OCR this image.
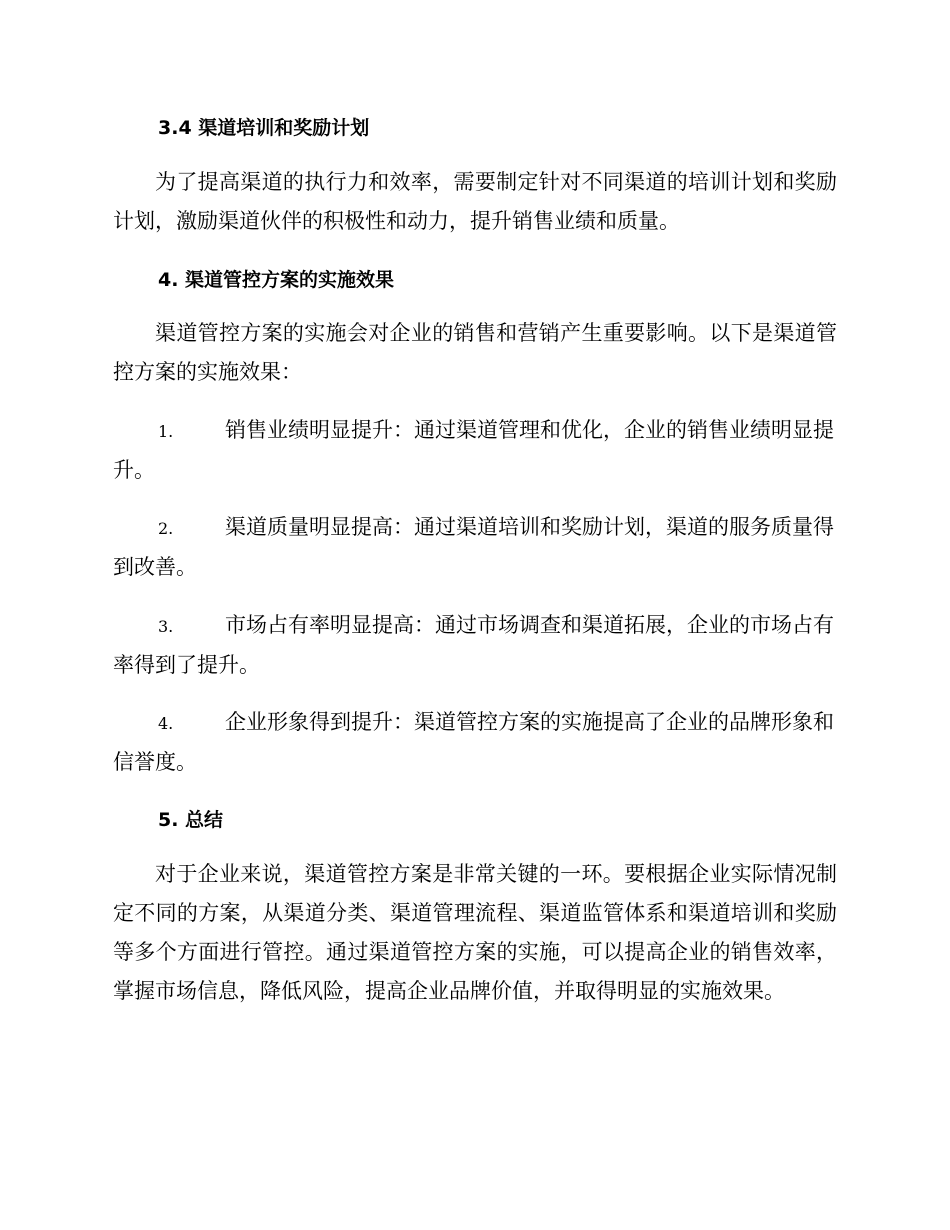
3.4 渠道培训和奖励计划

为了提高渠道的执行力和效率，需要制定针对不同渠道的培训计划和奖励计划，激励渠道伙伴的积极性和动力，提升销售业绩和质量。

4. 渠道管控方案的实施效果

渠道管控方案的实施会对企业的销售和营销产生重要影响。以下是渠道管控方案的实施效果：

1. 销售业绩明显提升：通过渠道管理和优化，企业的销售业绩明显提升。

2. 渠道质量明显提高：通过渠道培训和奖励计划，渠道的服务质量得到改善。

3. 市场占有率明显提高：通过市场调查和渠道拓展，企业的市场占有率得到了提升。

4. 企业形象得到提升：渠道管控方案的实施提高了企业的品牌形象和信誉度。

5. 总结

对于企业来说，渠道管控方案是非常关键的一环。要根据企业实际情况制定不同的方案，从渠道分类、渠道管理流程、渠道监管体系和渠道培训和奖励等多个方面进行管控。通过渠道管控方案的实施，可以提高企业的销售效率，掌握市场信息，降低风险，提高企业品牌价值，并取得明显的实施效果。
